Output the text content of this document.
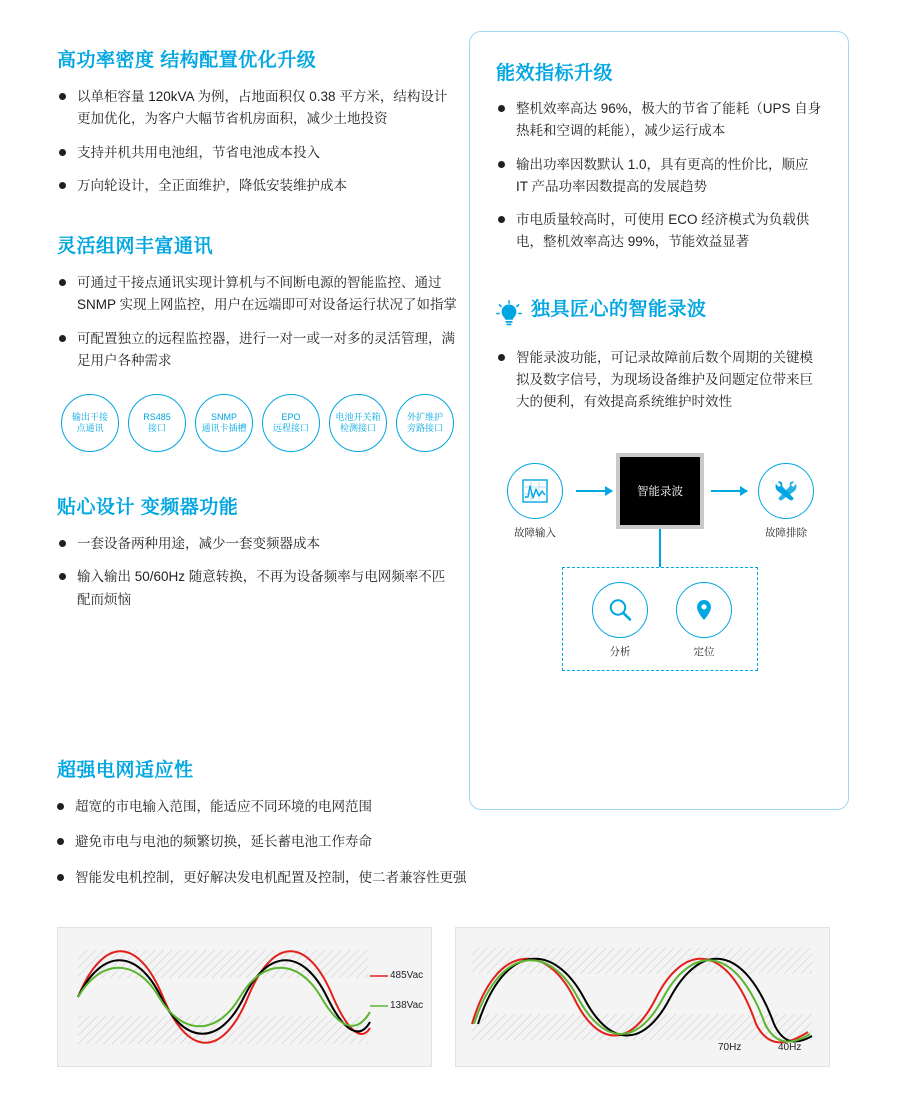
高功率密度 结构配置优化升级
以单柜容量 120kVA 为例，占地面积仅 0.38 平方米，结构设计更加优化，为客户大幅节省机房面积，减少土地投资
支持并机共用电池组，节省电池成本投入
万向轮设计，全正面维护，降低安装维护成本
灵活组网丰富通讯
可通过干接点通讯实现计算机与不间断电源的智能监控、通过 SNMP 实现上网监控，用户在远端即可对设备运行状况了如指掌
可配置独立的远程监控器，进行一对一或一对多的灵活管理，满足用户各种需求
输出干接
点通讯
RS485
接口
SNMP
通讯卡插槽
EPO
远程接口
电池开关箱
检测接口
外扩维护
旁路接口
贴心设计 变频器功能
一套设备两种用途，减少一套变频器成本
输入输出 50/60Hz 随意转换，不再为设备频率与电网频率不匹配而烦恼
能效指标升级
整机效率高达 96%，极大的节省了能耗（UPS 自身热耗和空调的耗能），减少运行成本
输出功率因数默认 1.0，具有更高的性价比，顺应 IT 产品功率因数提高的发展趋势
市电质量较高时，可使用 ECO 经济模式为负载供电，整机效率高达 99%，节能效益显著
独具匠心的智能录波
智能录波功能，可记录故障前后数个周期的关键模拟及数字信号，为现场设备维护及问题定位带来巨大的便利，有效提高系统维护时效性
故障输入
智能录波
故障排除
分析	定位
超强电网适应性
超宽的市电输入范围，能适应不同环境的电网范围
避免市电与电池的频繁切换，延长蓄电池工作寿命
智能发电机控制，更好解决发电机配置及控制，使二者兼容性更强
485Vac
138Vac
70Hz	40Hz
